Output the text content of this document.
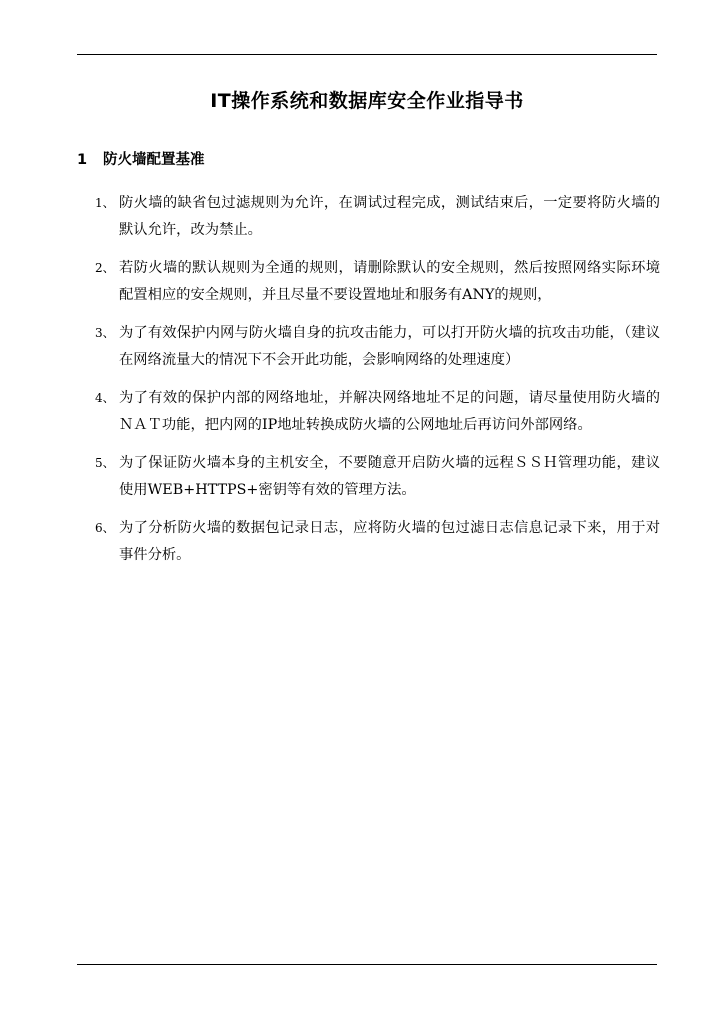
IT操作系统和数据库安全作业指导书
1 防火墙配置基准
1、 防火墙的缺省包过滤规则为允许，在调试过程完成，测试结束后，一定要将防火墙的默认允许，改为禁止。
2、 若防火墙的默认规则为全通的规则，请删除默认的安全规则，然后按照网络实际环境配置相应的安全规则，并且尽量不要设置地址和服务有ANY的规则，
3、 为了有效保护内网与防火墙自身的抗攻击能力，可以打开防火墙的抗攻击功能，（建议在网络流量大的情况下不会开此功能，会影响网络的处理速度）
4、 为了有效的保护内部的网络地址，并解决网络地址不足的问题，请尽量使用防火墙的ＮＡＴ功能，把内网的IP地址转换成防火墙的公网地址后再访问外部网络。
5、 为了保证防火墙本身的主机安全，不要随意开启防火墙的远程ＳＳＨ管理功能，建议使用WEB+HTTPS+密钥等有效的管理方法。
6、 为了分析防火墙的数据包记录日志，应将防火墙的包过滤日志信息记录下来，用于对事件分析。
